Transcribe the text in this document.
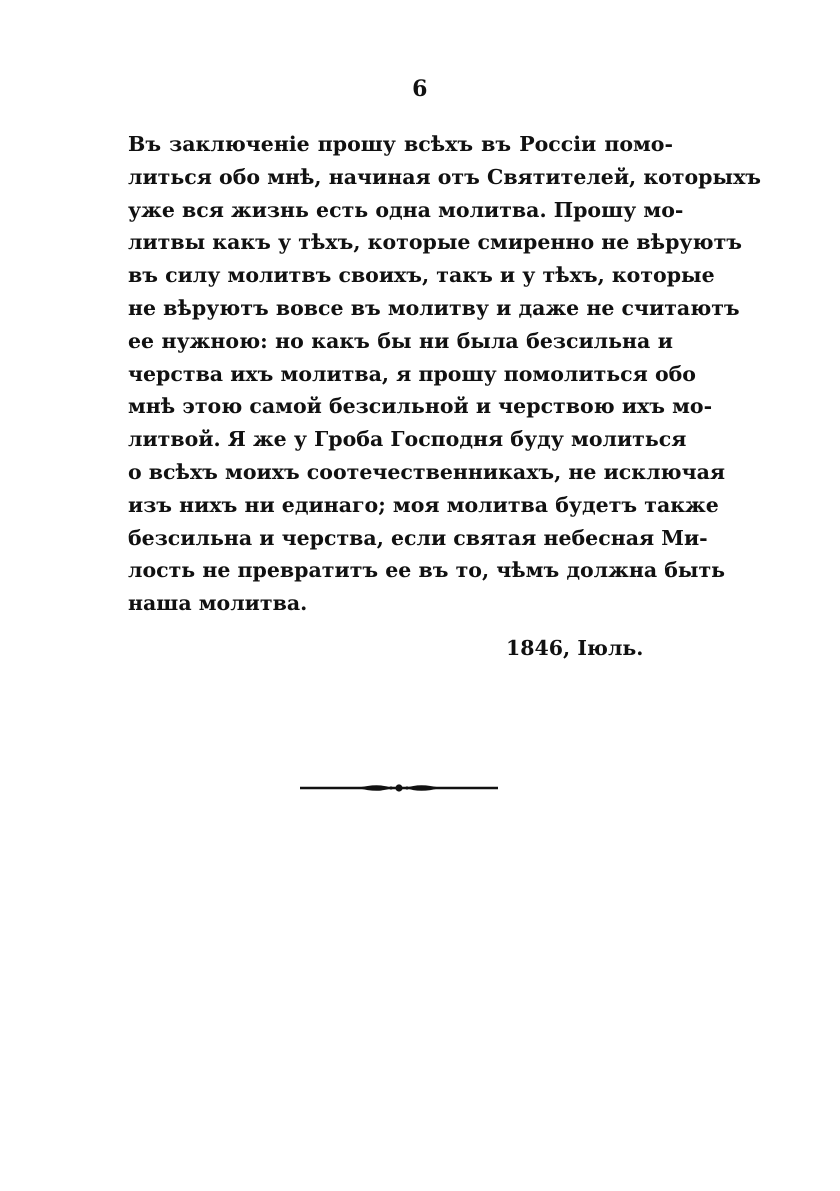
6
Въ заключеніе прошу всѣхъ въ Россіи помо-
литься обо мнѣ, начиная отъ Святителей, которыхъ
уже вся жизнь есть одна молитва. Прошу мо-
литвы какъ у тѣхъ, которые смиренно не вѣруютъ
въ силу молитвъ своихъ, такъ и у тѣхъ, которые
не вѣруютъ вовсе въ молитву и даже не считаютъ
ее нужною: но какъ бы ни была безсильна и
черства ихъ молитва, я прошу помолиться обо
мнѣ этою самой безсильной и черствою ихъ мо-
литвой. Я же у Гроба Господня буду молиться
о всѣхъ моихъ соотечественникахъ, не исключая
изъ нихъ ни единаго; моя молитва будетъ также
безсильна и черства, если святая небесная Ми-
лость не превратитъ ее въ то, чѣмъ должна быть
наша молитва.
1846, Іюль.
